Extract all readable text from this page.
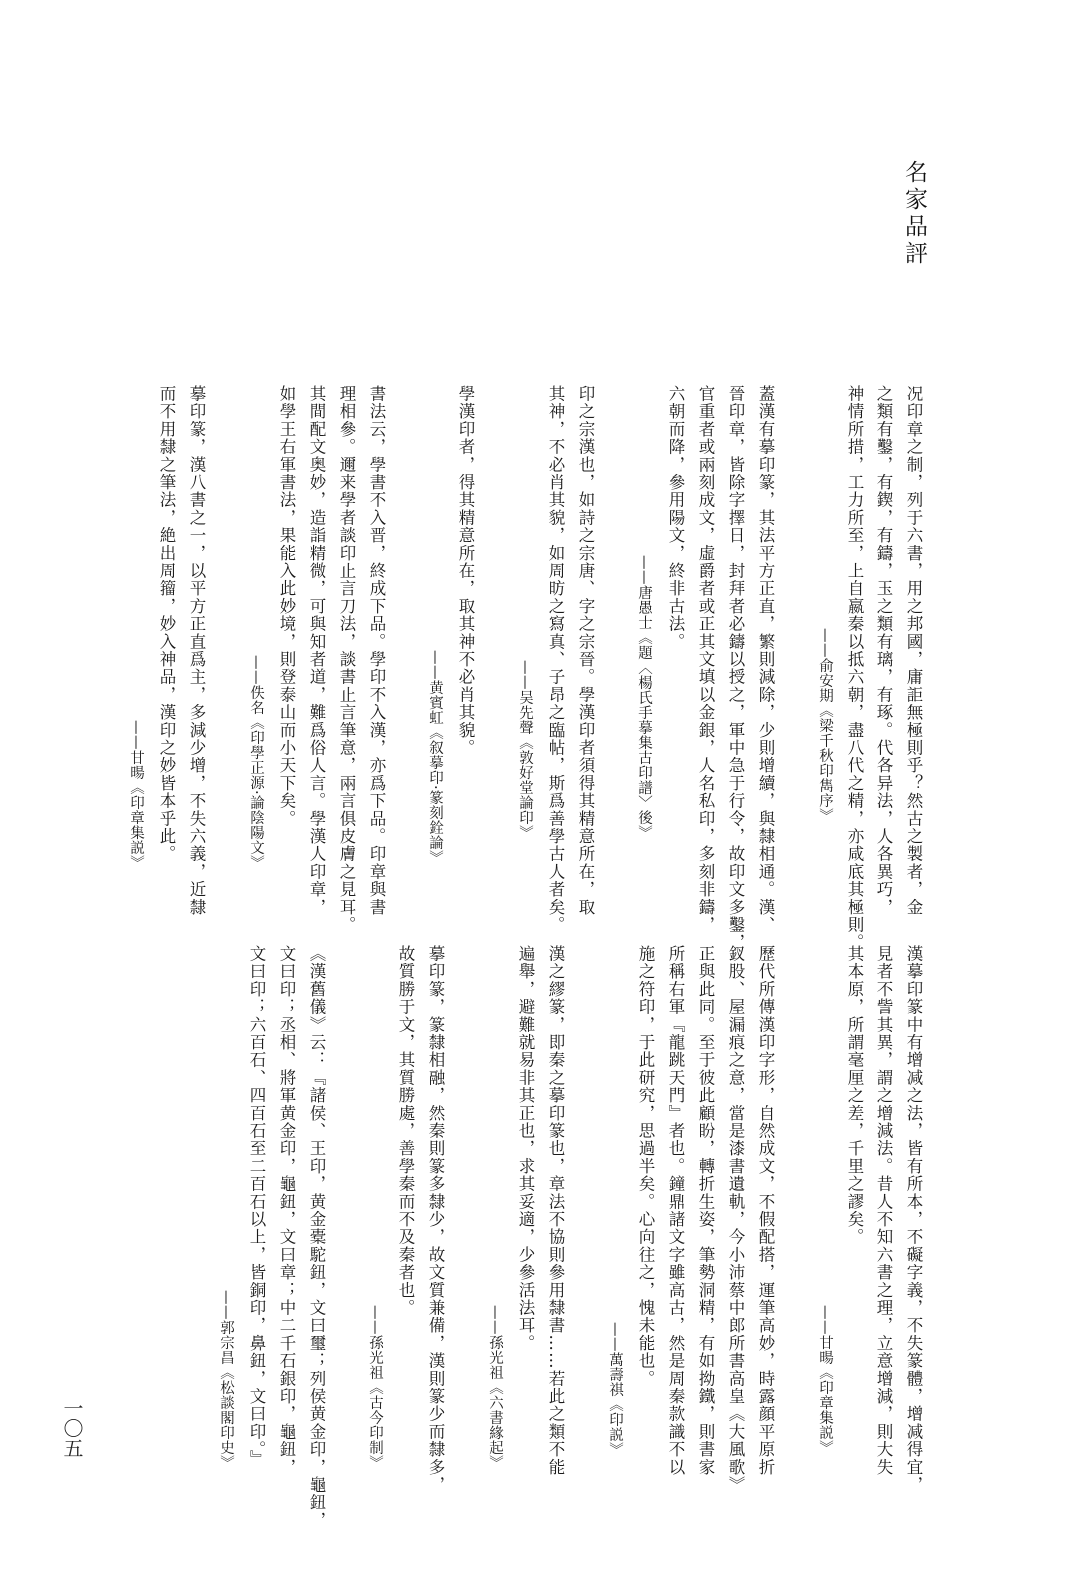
名家品評
况印章之制，列于六書，用之邦國，庸詎無極則乎？然古之製者，金
之類有鑿，有鍥，有鑄，玉之類有璃，有琢。代各异法，人各異巧，
神情所措，工力所至，上自嬴秦以抵六朝，盡八代之精，亦咸底其極則。
——俞安期《梁千秋印雋序》
蓋漢有摹印篆，其法平方正直，繁則減除，少則增續，與隸相通。漢、
晉印章，皆除字擇日，封拜者必鑄以授之，軍中急于行令，故印文多鑿，
官重者或兩刻成文，虛爵者或正其文填以金銀，人名私印，多刻非鑄，
六朝而降，參用陽文，終非古法。
——唐愚士《題〈楊氏手摹集古印譜〉後》
印之宗漢也，如詩之宗唐、字之宗晉。學漢印者須得其精意所在，取
其神，不必肖其貌，如周昉之寫真、子昂之臨帖，斯爲善學古人者矣。
——吴先聲《敦好堂論印》
學漢印者，得其精意所在，取其神不必肖其貌。
——黄賓虹《叙摹印·篆刻銓論》
書法云，學書不入晋，終成下品。學印不入漢，亦爲下品。印章與書
理相參。邇来學者談印止言刀法，談書止言筆意，兩言俱皮膚之見耳。
其間配文奥妙，造詣精微，可與知者道，難爲俗人言。學漢人印章，
如學王右軍書法，果能入此妙境，則登泰山而小天下矣。
——佚名《印學正源·論陰陽文》
摹印篆，漢八書之一，以平方正直爲主，多減少增，不失六義，近隸
而不用隸之筆法，絶出周籀，妙入神品，漢印之妙皆本乎此。
——甘暘《印章集説》
漢摹印篆中有增减之法，皆有所本，不礙字義，不失篆體，增减得宜，
見者不訾其異，謂之增減法。昔人不知六書之理，立意增減，則大失
其本原，所謂毫厘之差，千里之謬矣。
——甘暘《印章集説》
歷代所傳漢印字形，自然成文，不假配搭，運筆高妙，時露顔平原折
釵股、屋漏痕之意，當是漆書遺軌，今小沛蔡中郎所書高皇《大風歌》
正與此同。至于彼此顧盼，轉折生姿，筆勢洞精，有如拗鐵，則書家
所稱右軍『龍跳天門』者也。鐘鼎諸文字雖高古，然是周秦款識不以
施之符印，于此研究，思過半矣。心向往之，愧未能也。
——萬壽祺《印説》
漢之繆篆，即秦之摹印篆也，章法不協則參用隸書……若此之類不能
遍舉，避難就易非其正也，求其妥適，少參活法耳。
——孫光祖《六書緣起》
摹印篆，篆隸相融，然秦則篆多隸少，故文質兼備，漢則篆少而隸多，
故質勝于文，其質勝處，善學秦而不及秦者也。
——孫光祖《古今印制》
《漢舊儀》云：『諸侯、王印，黄金橐駝鈕，文曰璽；列侯黄金印，龜鈕，
文曰印；丞相、將軍黄金印，龜鈕，文曰章；中二千石銀印，龜鈕，
文曰印；六百石、四百石至二百石以上，皆銅印，鼻鈕，文曰印。』
——郭宗昌《松談閣印史》
一〇五
